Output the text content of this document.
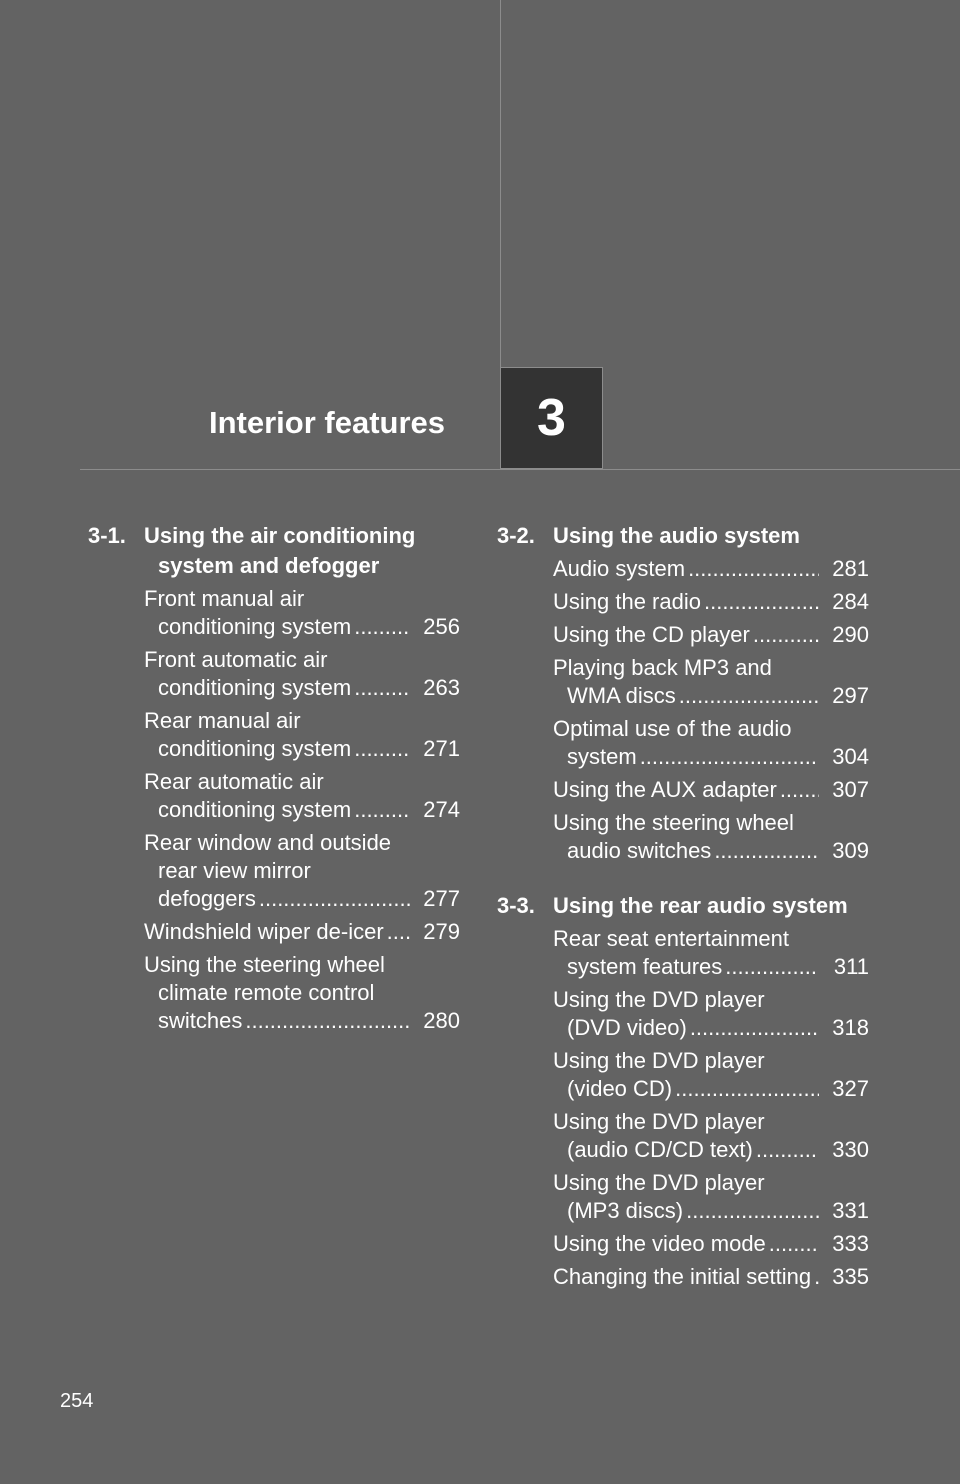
Interior features	3
3-1. Using the air conditioning system and defogger
Front manual air conditioning system .....	256
Front automatic air conditioning system .....	263
Rear manual air conditioning system .....	271
Rear automatic air conditioning system .....	274
Rear window and outside rear view mirror defoggers .....	277
Windshield wiper de-icer .....	279
Using the steering wheel climate remote control switches .....	280
3-2. Using the audio system
Audio system .....	281
Using the radio .....	284
Using the CD player .....	290
Playing back MP3 and WMA discs .....	297
Optimal use of the audio system .....	304
Using the AUX adapter .....	307
Using the steering wheel audio switches .....	309
3-3. Using the rear audio system
Rear seat entertainment system features .....	311
Using the DVD player (DVD video) .....	318
Using the DVD player (video CD) .....	327
Using the DVD player (audio CD/CD text) .....	330
Using the DVD player (MP3 discs) .....	331
Using the video mode .....	333
Changing the initial setting ..... 335
254
